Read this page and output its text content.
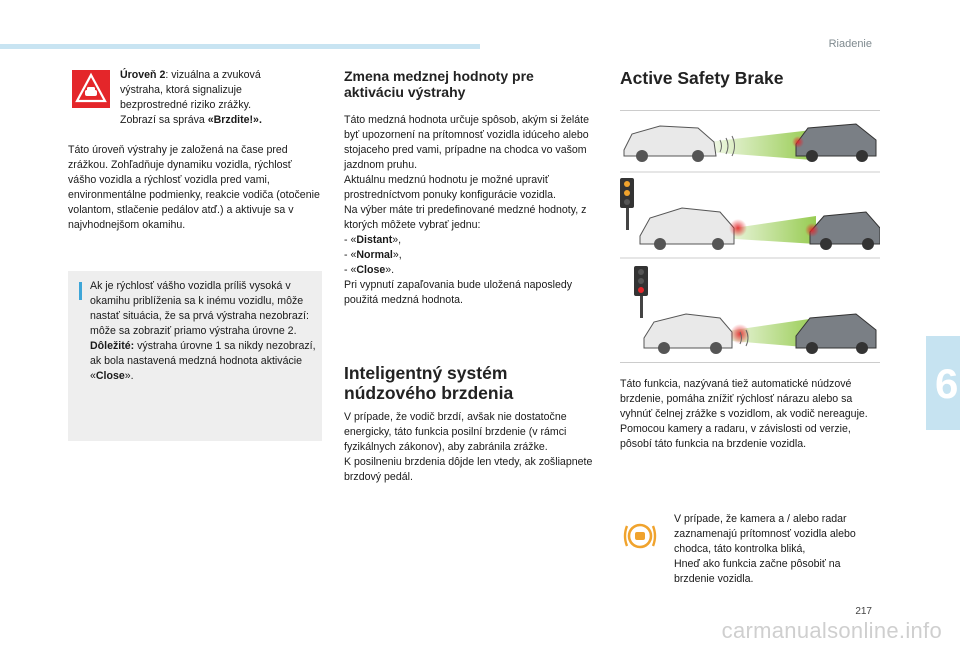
Riadenie
6
217
carmanualsonline.info

Úroveň 2: vizuálna a zvuková výstraha, ktorá signalizuje bezprostredné riziko zrážky.
Zobrazí sa správa «Brzdite!».

Táto úroveň výstrahy je založená na čase pred zrážkou. Zohľadňuje dynamiku vozidla, rýchlosť vášho vozidla a rýchlosť vozidla pred vami, environmentálne podmienky, reakcie vodiča (otočenie volantom, stlačenie pedálov atď.) a aktivuje sa v najvhodnejšom okamihu.

Ak je rýchlosť vášho vozidla príliš vysoká v okamihu priblíženia sa k inému vozidlu, môže nastať situácia, že sa prvá výstraha nezobrazí: môže sa zobraziť priamo výstraha úrovne 2.
Dôležité: výstraha úrovne 1 sa nikdy nezobrazí, ak bola nastavená medzná hodnota aktivácie «Close».

Zmena medznej hodnoty pre aktiváciu výstrahy
Táto medzná hodnota určuje spôsob, akým si želáte byť upozornení na prítomnosť vozidla idúceho alebo stojaceho pred vami, prípadne na chodca vo vašom jazdnom pruhu.
Aktuálnu medznú hodnotu je možné upraviť prostredníctvom ponuky konfigurácie vozidla.
Na výber máte tri predefinované medzné hodnoty, z ktorých môžete vybrať jednu:
- «Distant»,
- «Normal»,
- «Close».
Pri vypnutí zapaľovania bude uložená naposledy použitá medzná hodnota.
Inteligentný systém núdzového brzdenia
V prípade, že vodič brzdí, avšak nie dostatočne energicky, táto funkcia posilní brzdenie (v rámci fyzikálnych zákonov), aby zabránila zrážke.
K posilneniu brzdenia dôjde len vtedy, ak zošliapnete brzdový pedál.
Active Safety Brake
Táto funkcia, nazývaná tiež automatické núdzové brzdenie, pomáha znížiť rýchlosť nárazu alebo sa vyhnúť čelnej zrážke s vozidlom, ak vodič nereaguje.
Pomocou kamery a radaru, v závislosti od verzie, pôsobí táto funkcia na brzdenie vozidla.
V prípade, že kamera a / alebo radar zaznamenajú prítomnosť vozidla alebo chodca, táto kontrolka bliká,
Hneď ako funkcia začne pôsobiť na brzdenie vozidla.
